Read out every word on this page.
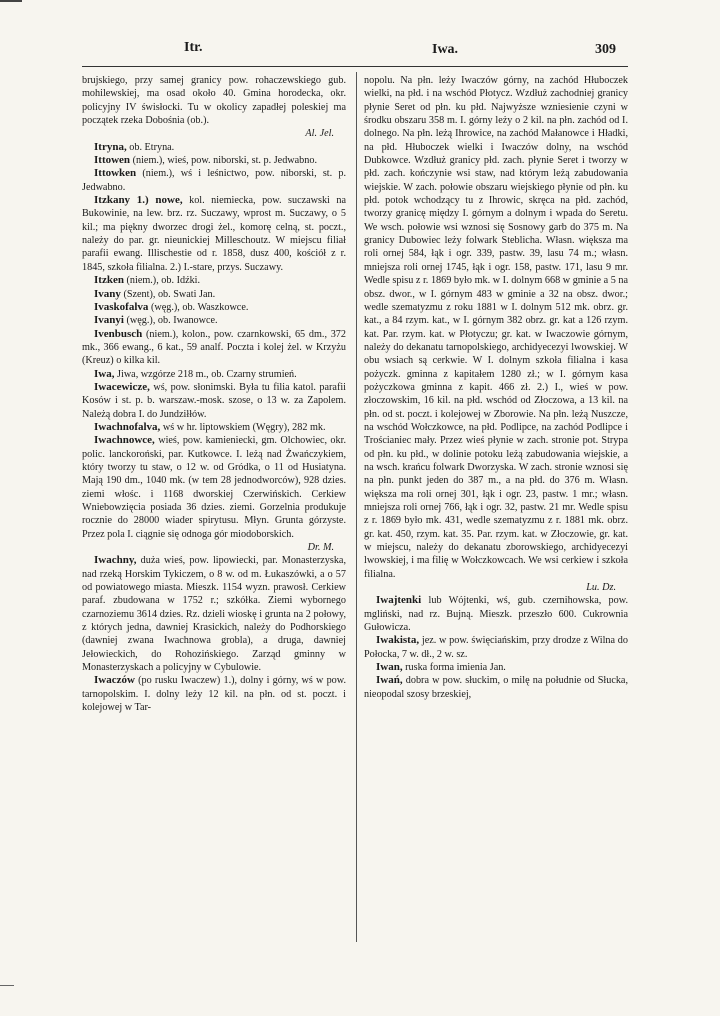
Itr.	Iwa.	309

brujskiego, przy samej granicy pow. rohaczewskiego gub. mohilewskiej, ma osad około 40. Gmina horodecka, okr. policyjny IV świsłocki. Tu w okolicy zapadłej poleskiej ma początek rzeka Dobośnia (ob.).
Al. Jel.

Itryna, ob. Etryna.

Ittowen (niem.), wieś, pow. niborski, st. p. Jedwabno.

Ittowken (niem.), wś i leśnictwo, pow. niborski, st. p. Jedwabno.

Itzkany 1.) nowe, kol. niemiecka, pow. suczawski na Bukowinie, na lew. brz. rz. Suczawy, wprost m. Suczawy, o 5 kil.; ma piękny dworzec drogi żel., komorę celną, st. poczt., należy do par. gr. nieunickiej Milleschoutz. W miejscu filiał parafii ewang. Illischestie od r. 1858, dusz 400, kościół z r. 1845, szkoła filialna. 2.) I.-stare, przys. Suczawy.

Itzken (niem.), ob. Idźki.

Ivany (Szent), ob. Swati Jan.

Ivaskofalva (węg.), ob. Waszkowce.

Ivanyi (węg.), ob. Iwanowce.

Ivenbusch (niem.), kolon., pow. czarnkowski, 65 dm., 372 mk., 366 ewang., 6 kat., 59 analf. Poczta i kolej żel. w Krzyżu (Kreuz) o kilka kil.

Iwa, Jiwa, wzgórze 218 m., ob. Czarny strumień.

Iwacewicze, wś, pow. słonimski. Była tu filia katol. parafii Kosów i st. p. b. warszaw.-mosk. szose, o 13 w. za Zapolem. Należą dobra I. do Jundziłłów.

Iwachnofalva, wś w hr. liptowskiem (Węgry), 282 mk.

Iwachnowce, wieś, pow. kamieniecki, gm. Olchowiec, okr. polic. lanckoroński, par. Kutkowce. I. leżą nad Żwańczykiem, który tworzy tu staw, o 12 w. od Gródka, o 11 od Husiatyna. Mają 190 dm., 1040 mk. (w tem 28 jednodworców), 928 dzies. ziemi włośc. i 1168 dworskiej Czerwińskich. Cerkiew Wniebowzięcia posiada 36 dzies. ziemi. Gorzelnia produkuje rocznie do 28000 wiader spirytusu. Młyn. Grunta górzyste. Przez pola I. ciągnie się odnoga gór miodoborskich.
Dr. M.

Iwachny, duża wieś, pow. lipowiecki, par. Monasterzyska, nad rzeką Horskim Tykiczem, o 8 w. od m. Łukaszówki, a o 57 od powiatowego miasta. Mieszk. 1154 wyzn. prawosł. Cerkiew paraf. zbudowana w 1752 r.; szkółka. Ziemi wybornego czarnoziemu 3614 dzies. Rz. dzieli wioskę i grunta na 2 połowy, z których jedna, dawniej Krasickich, należy do Podhorskiego (dawniej zwana Iwachnowa grobla), a druga, dawniej Jełowieckich, do Rohozińskiego. Zarząd gminny w Monasterzyskach a policyjny w Cybulowie.

Iwaczów (po rusku Iwaczew) 1.), dolny i górny, wś w pow. tarnopolskim. I. dolny leży 12 kil. na płn. od st. poczt. i kolejowej w Tar-

nopolu. Na płn. leży Iwaczów górny, na zachód Hłuboczek wielki, na płd. i na wschód Płotycz. Wzdłuż zachodniej granicy płynie Seret od płn. ku płd. Najwyższe wzniesienie czyni w środku obszaru 358 m. I. górny leży o 2 kil. na płn. zachód od I. dolnego. Na płn. leżą Ihrowice, na zachód Małanowce i Hładki, na płd. Hłuboczek wielki i Iwaczów dolny, na wschód Dubkowce. Wzdłuż granicy płd. zach. płynie Seret i tworzy w płd. zach. kończynie wsi staw, nad którym leżą zabudowania wiejskie. W zach. połowie obszaru wiejskiego płynie od płn. ku płd. potok wchodzący tu z Ihrowic, skręca na płd. zachód, tworzy granicę między I. górnym a dolnym i wpada do Seretu. We wsch. połowie wsi wznosi się Sosnowy garb do 375 m. Na granicy Dubowiec leży folwark Steblicha. Własn. większa ma roli ornej 584, łąk i ogr. 339, pastw. 39, lasu 74 m.; własn. mniejsza roli ornej 1745, łąk i ogr. 158, pastw. 171, lasu 9 mr. Wedle spisu z r. 1869 było mk. w I. dolnym 668 w gminie a 5 na obsz. dwor., w I. górnym 483 w gminie a 32 na obsz. dwor.; wedle szematyzmu z roku 1881 w I. dolnym 512 mk. obrz. gr. kat., a 84 rzym. kat., w I. górnym 382 obrz. gr. kat a 126 rzym. kat. Par. rzym. kat. w Płotyczu; gr. kat. w Iwaczowie górnym, należy do dekanatu tarnopolskiego, archidyecezyi lwowskiej. W obu wsiach są cerkwie. W I. dolnym szkoła filialna i kasa pożyczk. gminna z kapitałem 1280 zł.; w I. górnym kasa pożyczkowa gminna z kapit. 466 zł. 2.) I., wieś w pow. złoczowskim, 16 kil. na płd. wschód od Złoczowa, a 13 kil. na płn. od st. poczt. i kolejowej w Zborowie. Na płn. leżą Nuszcze, na wschód Wołczkowce, na płd. Podlipce, na zachód Podlipce i Trościaniec mały. Przez wieś płynie w zach. stronie pot. Strypa od płn. ku płd., w dolinie potoku leżą zabudowania wiejskie, a na wsch. krańcu folwark Dworzyska. W zach. stronie wznosi się na płn. punkt jeden do 387 m., a na płd. do 376 m. Własn. większa ma roli ornej 301, łąk i ogr. 23, pastw. 1 mr.; własn. mniejsza roli ornej 766, łąk i ogr. 32, pastw. 21 mr. Wedle spisu z r. 1869 było mk. 431, wedle szematyzmu z r. 1881 mk. obrz. gr. kat. 450, rzym. kat. 35. Par. rzym. kat. w Złoczowie, gr. kat. w miejscu, należy do dekanatu zborowskiego, archidyecezyi lwowskiej, i ma filię w Wołczkowcach. We wsi cerkiew i szkoła filialna.
Lu. Dz.

Iwajtenki lub Wójtenki, wś, gub. czernihowska, pow. mgliński, nad rz. Bujną. Mieszk. przeszło 600. Cukrownia Gułowicza.

Iwakista, jez. w pow. święciańskim, przy drodze z Wilna do Połocka, 7 w. dł., 2 w. sz.

Iwan, ruska forma imienia Jan.

Iwań, dobra w pow. słuckim, o milę na południe od Słucka, nieopodal szosy brzeskiej,
